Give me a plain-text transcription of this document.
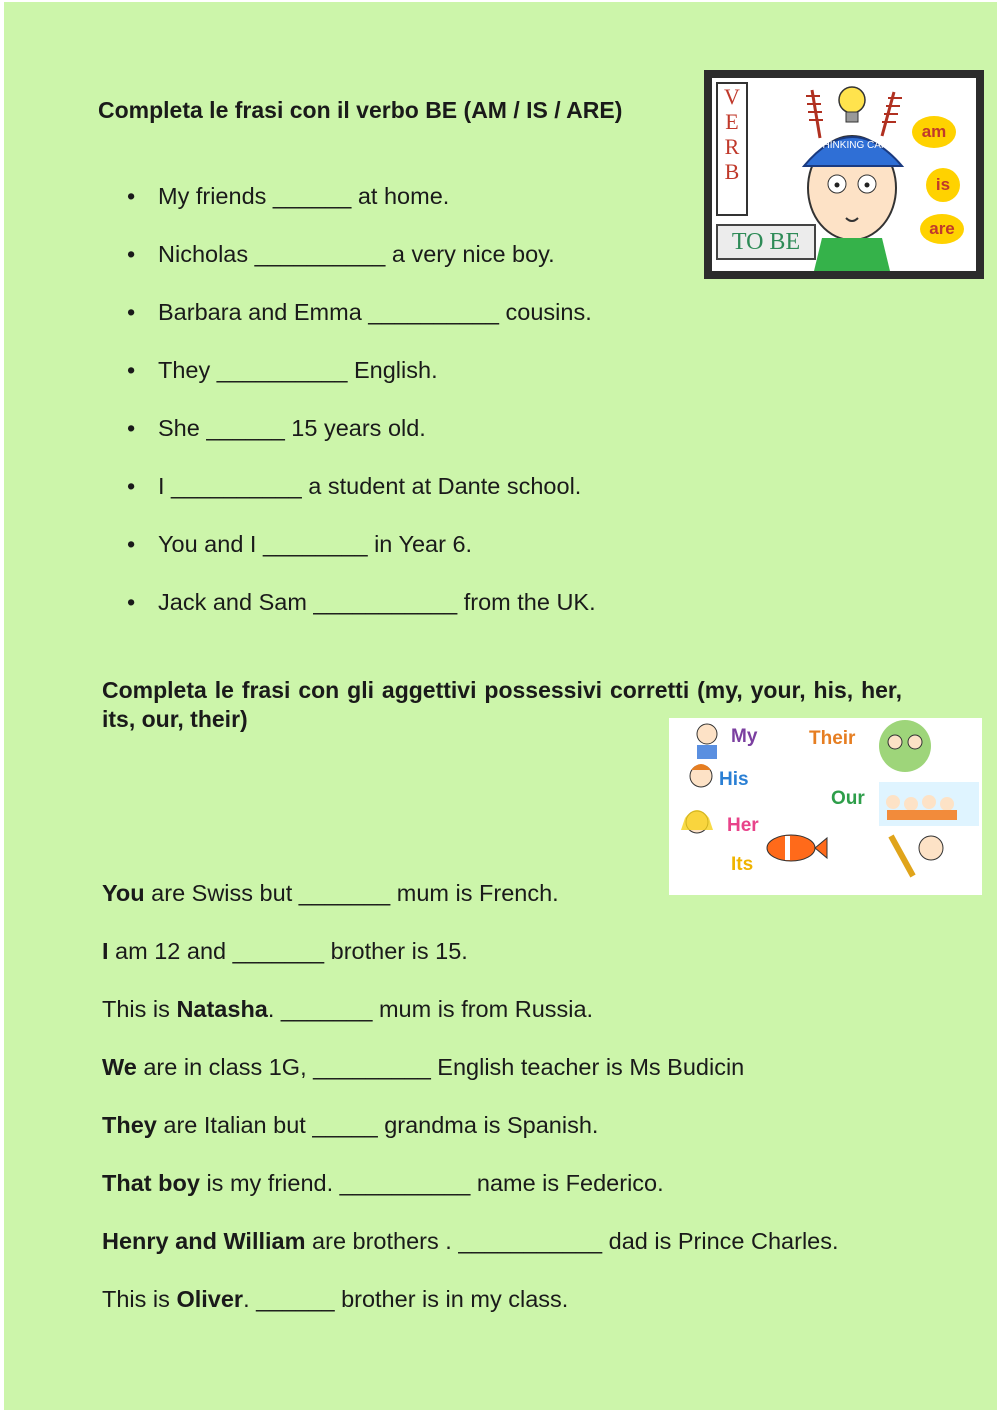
Completa le frasi con il verbo BE (AM / IS / ARE)
• My friends ______ at home.
• Nicholas __________ a very nice boy.
• Barbara and Emma __________ cousins.
• They __________ English.
• She ______ 15 years old.
• I __________ a student at Dante school.
• You and I ________ in Year 6.
• Jack and Sam ___________ from the UK.
V
E
R
B
TO BE
THINKING CAP
am
is
are

Completa le frasi con gli aggettivi possessivi corretti (my, your, his, her, its, our, their)

My	Their
His
Our
Her
Its
You are Swiss but _______ mum is French.
I am 12 and _______ brother is 15.
This is Natasha. _______ mum is from Russia.
We are in class 1G, _________ English teacher is Ms Budicin
They are Italian but _____ grandma is Spanish.
That boy is my friend. __________ name is Federico.
Henry and William are brothers . ___________ dad is Prince Charles.
This is Oliver. ______ brother is in my class.
